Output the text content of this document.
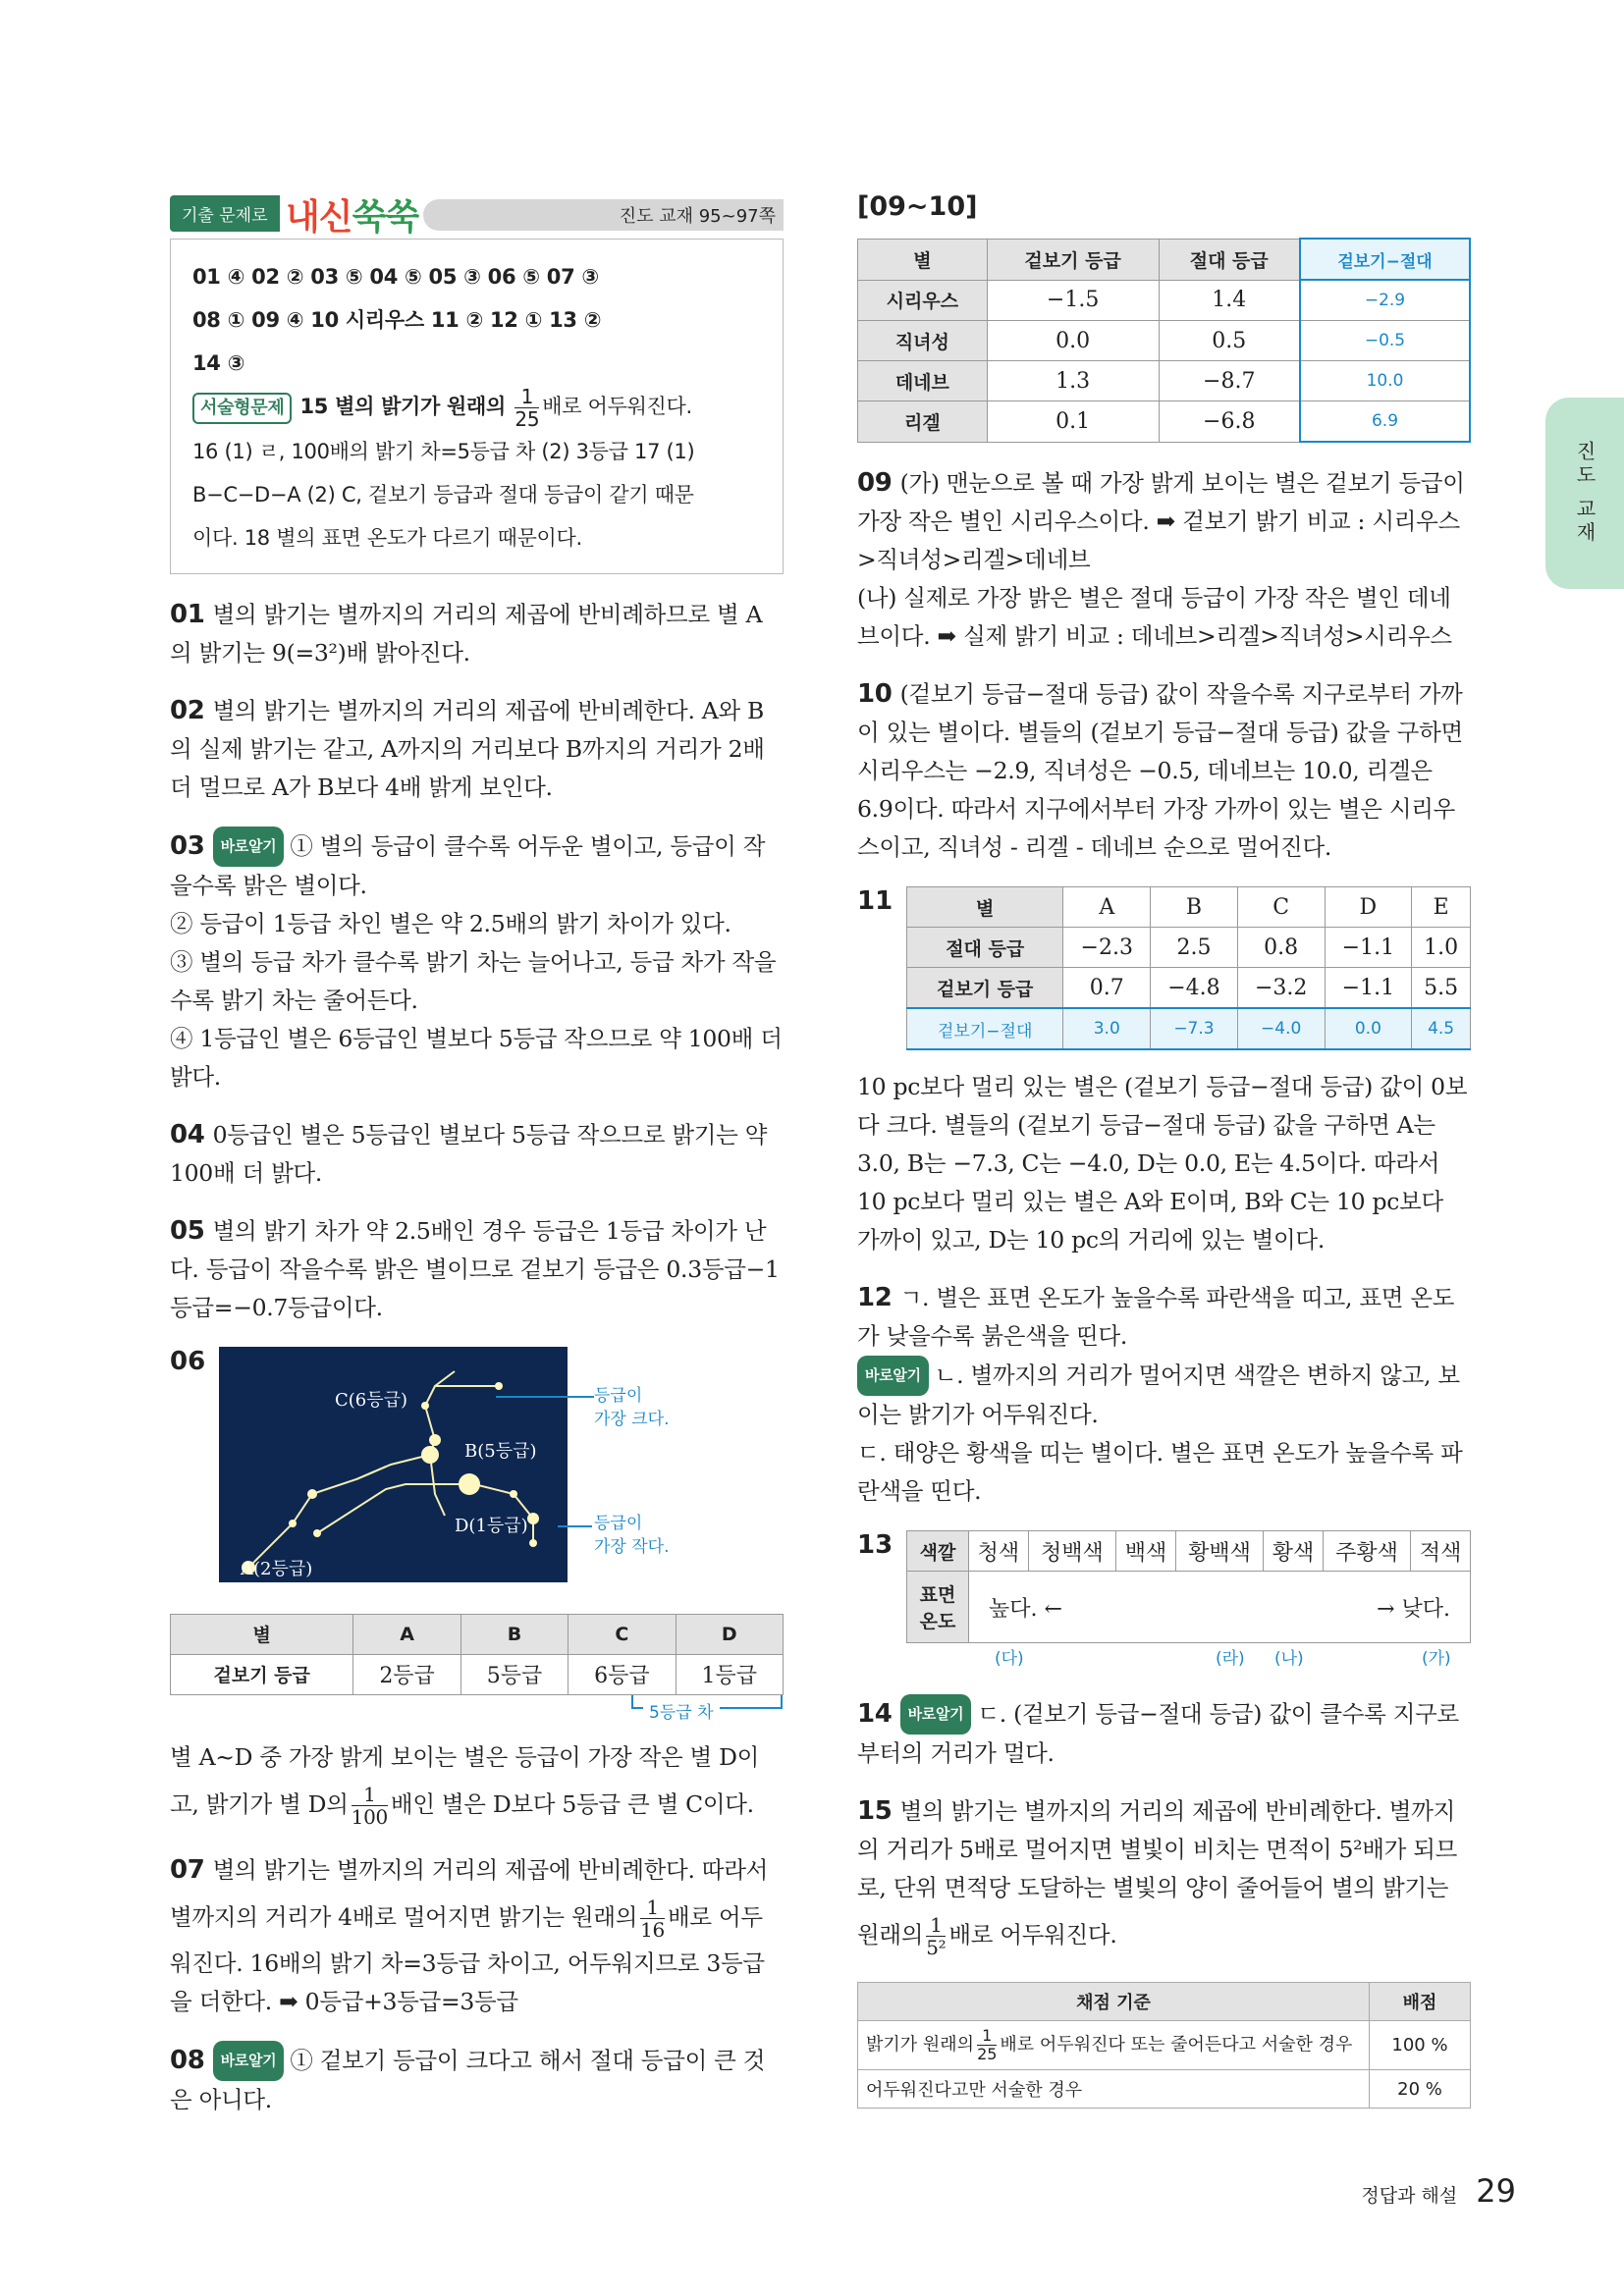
기출 문제로 내신쑥쑥	진도 교재 95~97쪽

01 ④ 02 ② 03 ⑤ 04 ⑤ 05 ③ 06 ⑤ 07 ③

08 ① 09 ④ 10 시리우스 11 ② 12 ① 13 ②

14 ③

서술형문제 15 별의 밝기가 원래의 $\frac{1}{25}$ 배로 어두워진다.

16 (1) ㄹ, 100배의 밝기 차=5등급 차 (2) 3등급 17 (1)

B−C−D−A (2) C, 겉보기 등급과 절대 등급이 같기 때문

이다. 18 별의 표면 온도가 다르기 때문이다.

01 별의 밝기는 별까지의 거리의 제곱에 반비례하므로 별 A의 밝기는 9(=3²)배 밝아진다.

02 별의 밝기는 별까지의 거리의 제곱에 반비례한다. A와 B의 실제 밝기는 같고, A까지의 거리보다 B까지의 거리가 2배 더 멀므로 A가 B보다 4배 밝게 보인다.

03 바로알기 ① 별의 등급이 클수록 어두운 별이고, 등급이 작을수록 밝은 별이다.

② 등급이 1등급 차인 별은 약 2.5배의 밝기 차이가 있다.

③ 별의 등급 차가 클수록 밝기 차는 늘어나고, 등급 차가 작을수록 밝기 차는 줄어든다.

④ 1등급인 별은 6등급인 별보다 5등급 작으므로 약 100배 더 밝다.

04 0등급인 별은 5등급인 별보다 5등급 작으므로 밝기는 약 100배 더 밝다.

05 별의 밝기 차가 약 2.5배인 경우 등급은 1등급 차이가 난다. 등급이 작을수록 밝은 별이므로 겉보기 등급은 0.3등급−1등급=−0.7등급이다.

06
C(6등급)
B(5등급)
D(1등급)
A(2등급)
등급이
가장 크다.
등급이
가장 작다.
별	A	B	C	D
겉보기 등급	2등급	5등급	6등급	1등급
5등급 차

별 A~D 중 가장 밝게 보이는 별은 등급이 가장 작은 별 D이

고, 밝기가 별 D의 $\frac{1}{100}$ 배인 별은 D보다 5등급 큰 별 C이다.

07 별의 밝기는 별까지의 거리의 제곱에 반비례한다. 따라서

별까지의 거리가 4배로 멀어지면 밝기는 원래의 $\frac{1}{16}$ 배로 어두

워진다. 16배의 밝기 차=3등급 차이고, 어두워지므로 3등급을 더한다. ➡ 0등급+3등급=3등급

08 바로알기 ① 겉보기 등급이 크다고 해서 절대 등급이 큰 것은 아니다.

[09~10]
별	겉보기 등급	절대 등급	겉보기−절대
시리우스	−1.5	1.4	−2.9
직녀성	0.0	0.5	−0.5
데네브	1.3	−8.7	10.0
리겔	0.1	−6.8	6.9

09 (가) 맨눈으로 볼 때 가장 밝게 보이는 별은 겉보기 등급이 가장 작은 별인 시리우스이다. ➡ 겉보기 밝기 비교 : 시리우스>직녀성>리겔>데네브

(나) 실제로 가장 밝은 별은 절대 등급이 가장 작은 별인 데네브이다. ➡ 실제 밝기 비교 : 데네브>리겔>직녀성>시리우스

10 (겉보기 등급−절대 등급) 값이 작을수록 지구로부터 가까이 있는 별이다. 별들의 (겉보기 등급−절대 등급) 값을 구하면 시리우스는 −2.9, 직녀성은 −0.5, 데네브는 10.0, 리겔은 6.9이다. 따라서 지구에서부터 가장 가까이 있는 별은 시리우스이고, 직녀성 - 리겔 - 데네브 순으로 멀어진다.

11	별	A	B	C	D	E
절대 등급	−2.3	2.5	0.8	−1.1	1.0
겉보기 등급	0.7	−4.8	−3.2	−1.1	5.5
겉보기−절대	3.0	−7.3	−4.0	0.0	4.5

10 pc보다 멀리 있는 별은 (겉보기 등급−절대 등급) 값이 0보다 크다. 별들의 (겉보기 등급−절대 등급) 값을 구하면 A는 3.0, B는 −7.3, C는 −4.0, D는 0.0, E는 4.5이다. 따라서 10 pc보다 멀리 있는 별은 A와 E이며, B와 C는 10 pc보다 가까이 있고, D는 10 pc의 거리에 있는 별이다.

12 ㄱ. 별은 표면 온도가 높을수록 파란색을 띠고, 표면 온도가 낮을수록 붉은색을 띤다.

바로알기 ㄴ. 별까지의 거리가 멀어지면 색깔은 변하지 않고, 보이는 밝기가 어두워진다.

ㄷ. 태양은 황색을 띠는 별이다. 별은 표면 온도가 높을수록 파란색을 띤다.

13 색깔	청색	청백색	백색	황백색	황색	주황색	적색
표면 온도	높다. ← → 낮다.						
(다)	(라) (나)	(가)

14 바로알기 ㄷ. (겉보기 등급−절대 등급) 값이 클수록 지구로부터의 거리가 멀다.

15 별의 밝기는 별까지의 거리의 제곱에 반비례한다. 별까지의 거리가 5배로 멀어지면 별빛이 비치는 면적이 5²배가 되므로, 단위 면적당 도달하는 별빛의 양이 줄어들어 별의 밝기는

원래의 $\frac{1}{\text{5²}}$ 배로 어두워진다.

채점 기준	배점
밝기가 원래의 $\frac{1}{25}$ 배로 어두워진다 또는 줄어든다고 서술한 경우	100 %
어두워진다고만 서술한 경우	20 %
진도 교재
정답과 해설 29
